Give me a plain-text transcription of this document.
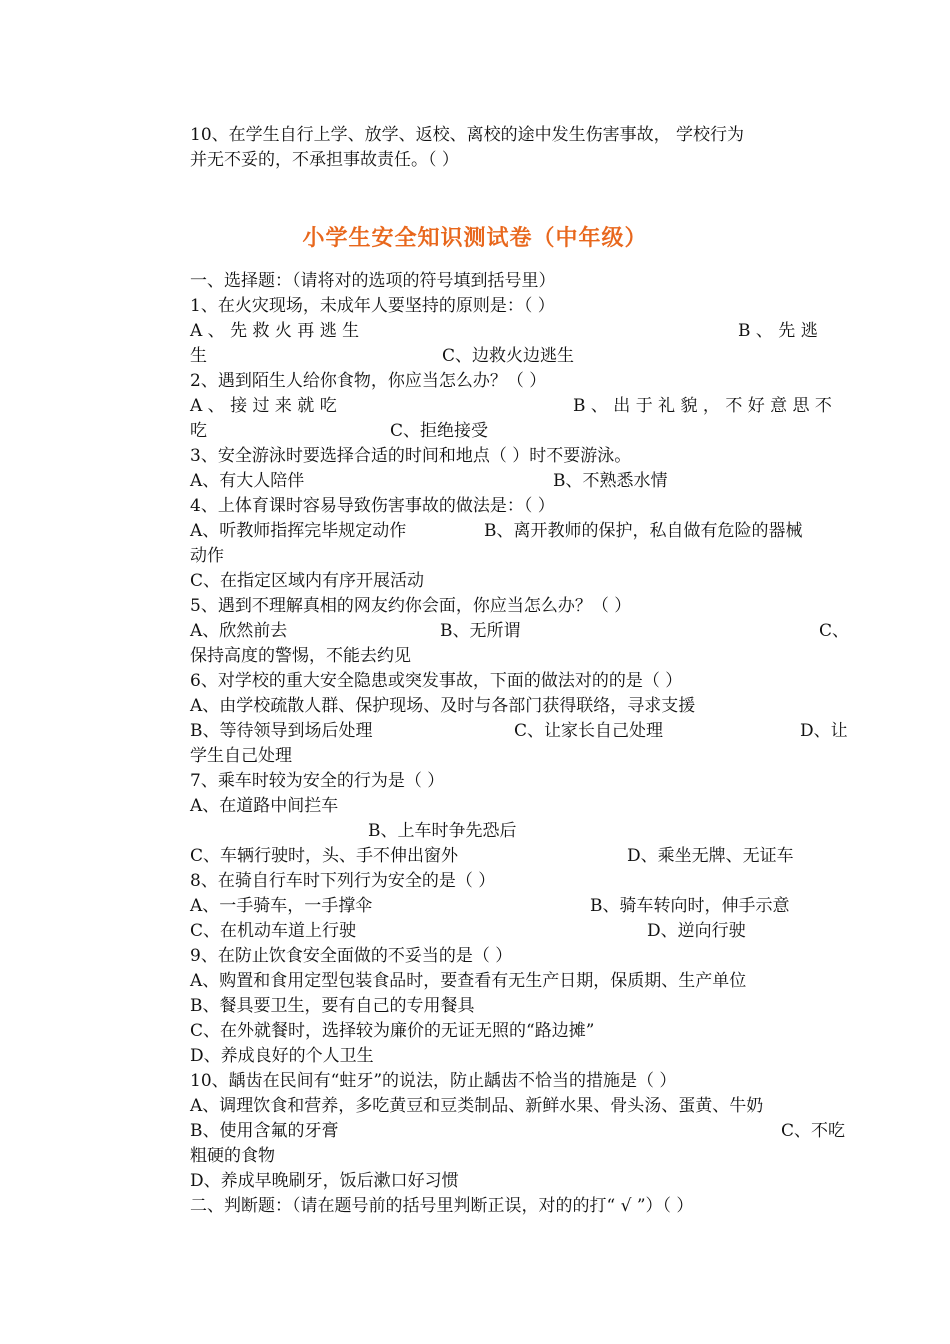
10、在学生自行上学、放学、返校、离校的途中发生伤害事故， 学校行为
并无不妥的，不承担事故责任。（ ）
小学生安全知识测试卷（中年级）
一、选择题：（请将对的选项的符号填到括号里）
1、在火灾现场，未成年人要坚持的原则是：（ ）
A 、 先 救 火 再 逃 生	B 、 先 逃
生	C、边救火边逃生
2、遇到陌生人给你食物，你应当怎么办？（ ）
A 、 接 过 来 就 吃	B 、 出 于 礼 貌 ， 不 好 意 思 不
吃	C、拒绝接受
3、安全游泳时要选择合适的时间和地点（ ）时不要游泳。
A、有大人陪伴	B、不熟悉水情
4、上体育课时容易导致伤害事故的做法是：（ ）
A、听教师指挥完毕规定动作	B、离开教师的保护，私自做有危险的器械
动作
C、在指定区域内有序开展活动
5、遇到不理解真相的网友约你会面，你应当怎么办？（ ）
A、欣然前去	B、无所谓	C、
保持高度的警惕，不能去约见
6、对学校的重大安全隐患或突发事故，下面的做法对的的是（ ）
A、由学校疏散人群、保护现场、及时与各部门获得联络，寻求支援
B、等待领导到场后处理	C、让家长自己处理	D、让
学生自己处理
7、乘车时较为安全的行为是（ ）
A、在道路中间拦车
B、上车时争先恐后
C、车辆行驶时，头、手不伸出窗外	D、乘坐无牌、无证车
8、在骑自行车时下列行为安全的是（ ）
A、一手骑车，一手撑伞	B、骑车转向时，伸手示意
C、在机动车道上行驶	D、逆向行驶
9、在防止饮食安全面做的不妥当的是（ ）
A、购置和食用定型包装食品时，要查看有无生产日期，保质期、生产单位
B、餐具要卫生，要有自己的专用餐具
C、在外就餐时，选择较为廉价的无证无照的“路边摊”
D、养成良好的个人卫生
10、龋齿在民间有“蛀牙”的说法，防止龋齿不恰当的措施是（ ）
A、调理饮食和营养，多吃黄豆和豆类制品、新鲜水果、骨头汤、蛋黄、牛奶
B、使用含氟的牙膏	C、不吃
粗硬的食物
D、养成早晚刷牙，饭后漱口好习惯
二、判断题：（请在题号前的括号里判断正误，对的的打“ √ ”）（ ）
